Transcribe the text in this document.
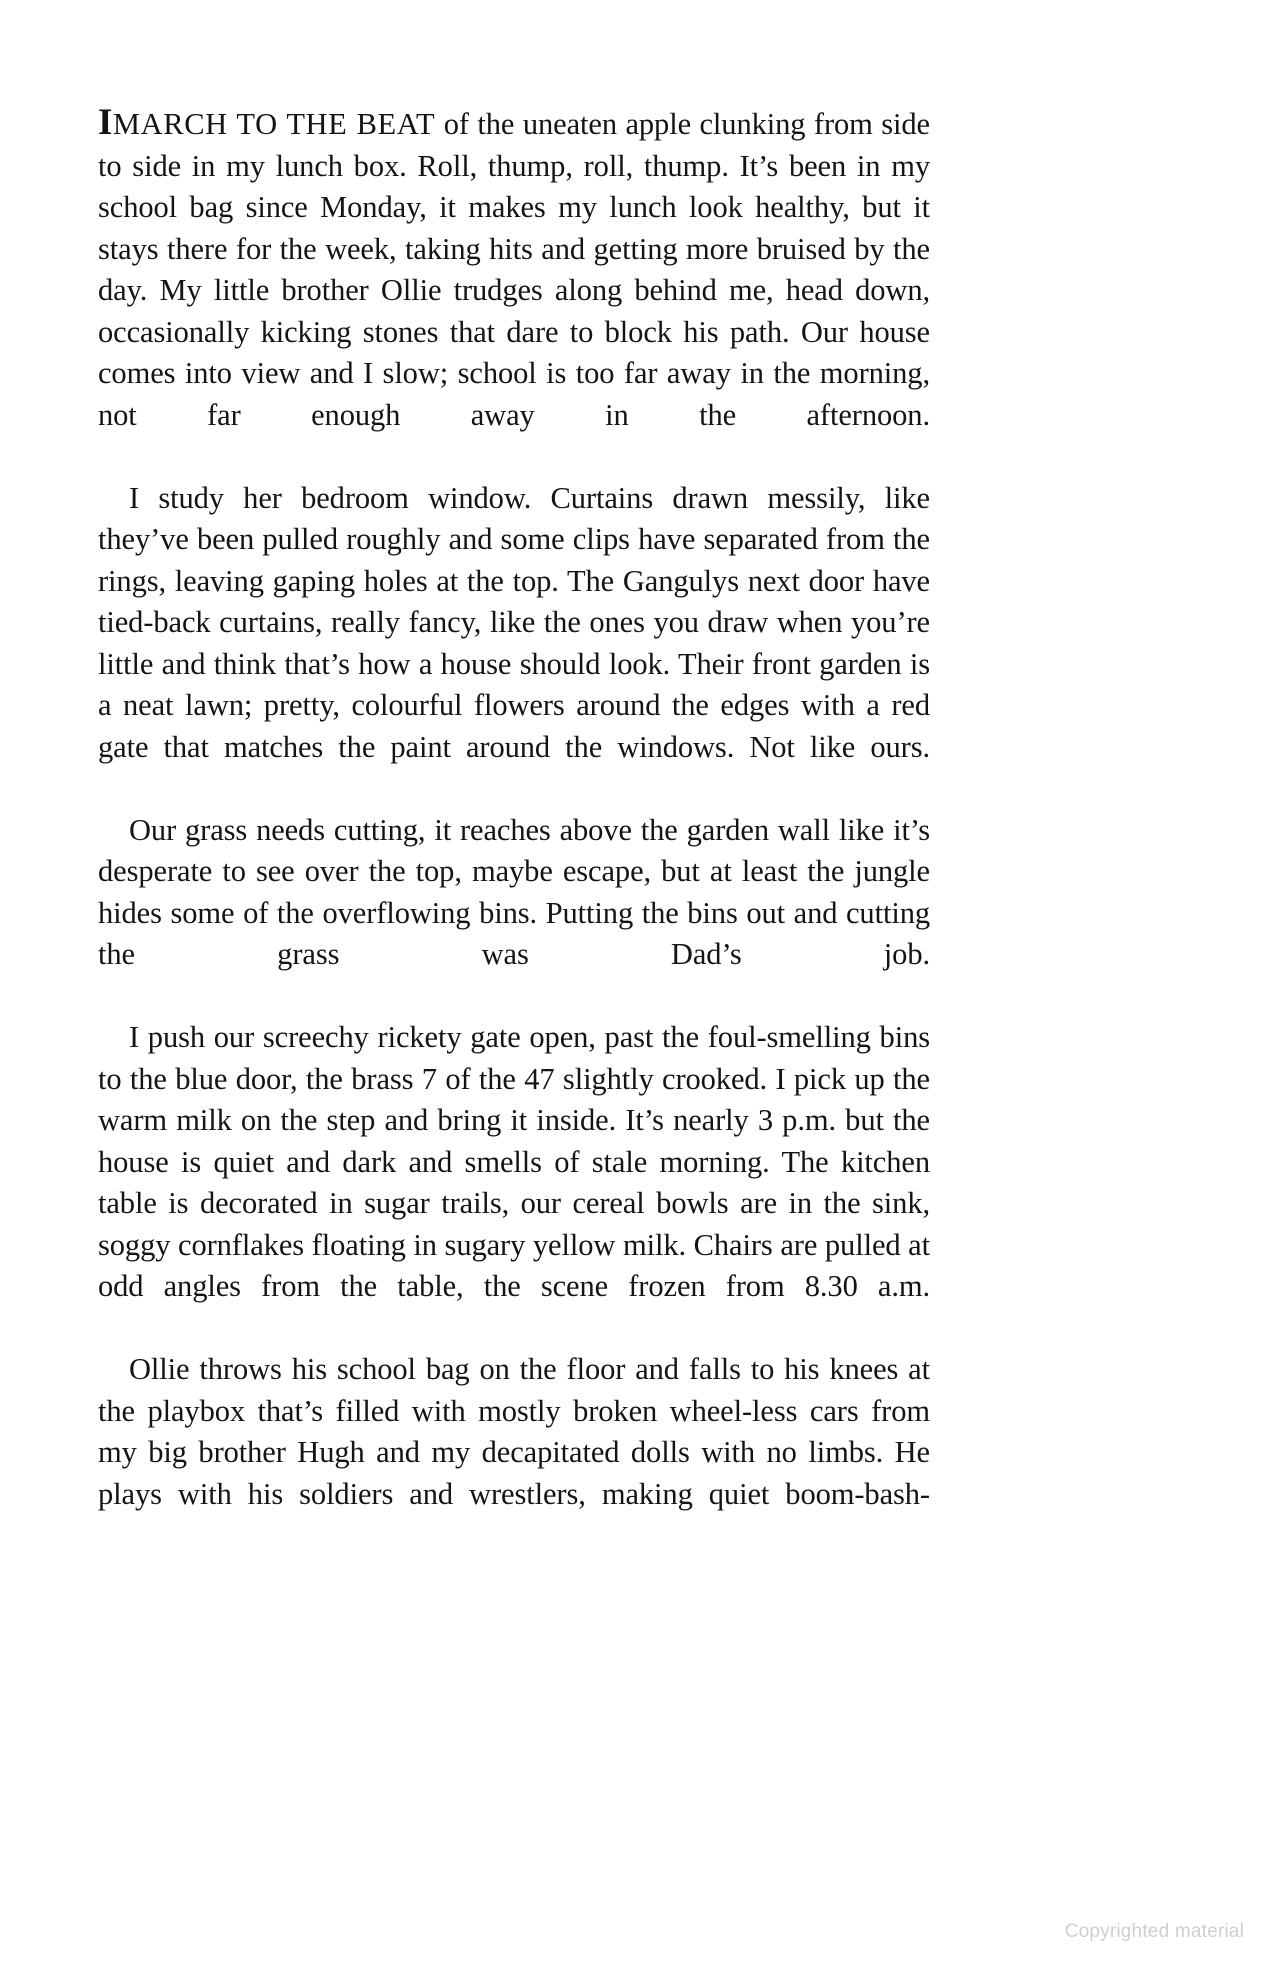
IMARCH TO THE BEAT of the uneaten apple clunking from side to side in my lunch box. Roll, thump, roll, thump. It’s been in my school bag since Monday, it makes my lunch look healthy, but it stays there for the week, taking hits and getting more bruised by the day. My little brother Ollie trudges along behind me, head down, occasionally kicking stones that dare to block his path. Our house comes into view and I slow; school is too far away in the morning, not far enough away in the afternoon.

I study her bedroom window. Curtains drawn messily, like they’ve been pulled roughly and some clips have separated from the rings, leaving gaping holes at the top. The Gangulys next door have tied-back curtains, really fancy, like the ones you draw when you’re little and think that’s how a house should look. Their front garden is a neat lawn; pretty, colourful flowers around the edges with a red gate that matches the paint around the windows. Not like ours.

Our grass needs cutting, it reaches above the garden wall like it’s desperate to see over the top, maybe escape, but at least the jungle hides some of the overflowing bins. Putting the bins out and cutting the grass was Dad’s job.

I push our screechy rickety gate open, past the foul-smelling bins to the blue door, the brass 7 of the 47 slightly crooked. I pick up the warm milk on the step and bring it inside. It’s nearly 3 p.m. but the house is quiet and dark and smells of stale morning. The kitchen table is decorated in sugar trails, our cereal bowls are in the sink, soggy cornflakes floating in sugary yellow milk. Chairs are pulled at odd angles from the table, the scene frozen from 8.30 a.m.

Ollie throws his school bag on the floor and falls to his knees at the playbox that’s filled with mostly broken wheel-less cars from my big brother Hugh and my decapitated dolls with no limbs. He plays with his soldiers and wrestlers, making quiet boom-bash-

Copyrighted material
